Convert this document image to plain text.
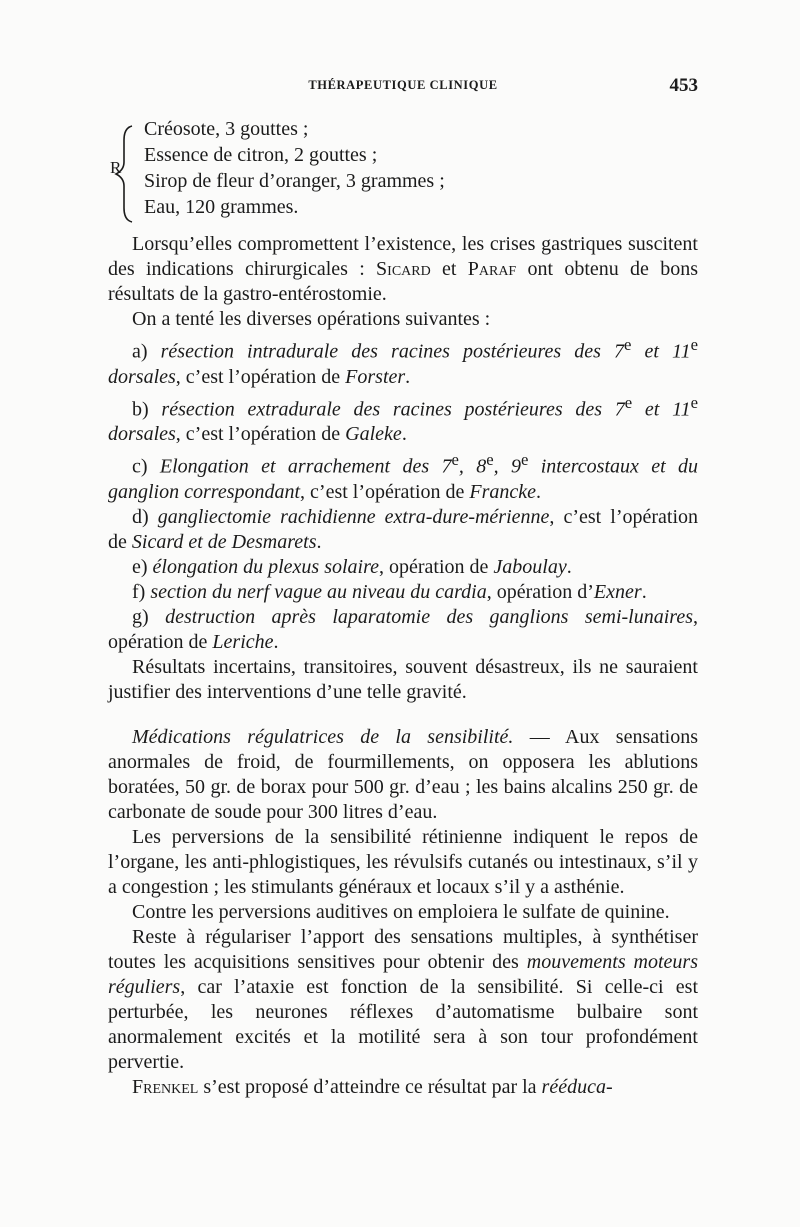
THÉRAPEUTIQUE CLINIQUE	453
R
Créosote, 3 gouttes ;
Essence de citron, 2 gouttes ;
Sirop de fleur d’oranger, 3 grammes ;
Eau, 120 grammes.

Lorsqu’elles compromettent l’existence, les crises gastriques suscitent des indications chirurgicales : Sicard et Paraf ont obtenu de bons résultats de la gastro-entérostomie.

On a tenté les diverses opérations suivantes :

a) résection intradurale des racines postérieures des 7e et 11e dorsales, c’est l’opération de Forster.

b) résection extradurale des racines postérieures des 7e et 11e dorsales, c’est l’opération de Galeke.

c) Elongation et arrachement des 7e, 8e, 9e intercostaux et du ganglion correspondant, c’est l’opération de Francke.

d) gangliectomie rachidienne extra-dure-mérienne, c’est l’opération de Sicard et de Desmarets.

e) élongation du plexus solaire, opération de Jaboulay.

f) section du nerf vague au niveau du cardia, opération d’Exner.

g) destruction après laparatomie des ganglions semi-lunaires, opération de Leriche.

Résultats incertains, transitoires, souvent désastreux, ils ne sauraient justifier des interventions d’une telle gravité.

Médications régulatrices de la sensibilité. — Aux sensations anormales de froid, de fourmillements, on opposera les ablutions boratées, 50 gr. de borax pour 500 gr. d’eau ; les bains alcalins 250 gr. de carbonate de soude pour 300 litres d’eau.

Les perversions de la sensibilité rétinienne indiquent le repos de l’organe, les anti-phlogistiques, les révulsifs cutanés ou intestinaux, s’il y a congestion ; les stimulants généraux et locaux s’il y a asthénie.

Contre les perversions auditives on emploiera le sulfate de quinine.

Reste à régulariser l’apport des sensations multiples, à synthétiser toutes les acquisitions sensitives pour obtenir des mouvements moteurs réguliers, car l’ataxie est fonction de la sensibilité. Si celle-ci est perturbée, les neurones réflexes d’automatisme bulbaire sont anormalement excités et la motilité sera à son tour profondément pervertie.

Frenkel s’est proposé d’atteindre ce résultat par la rééduca-
